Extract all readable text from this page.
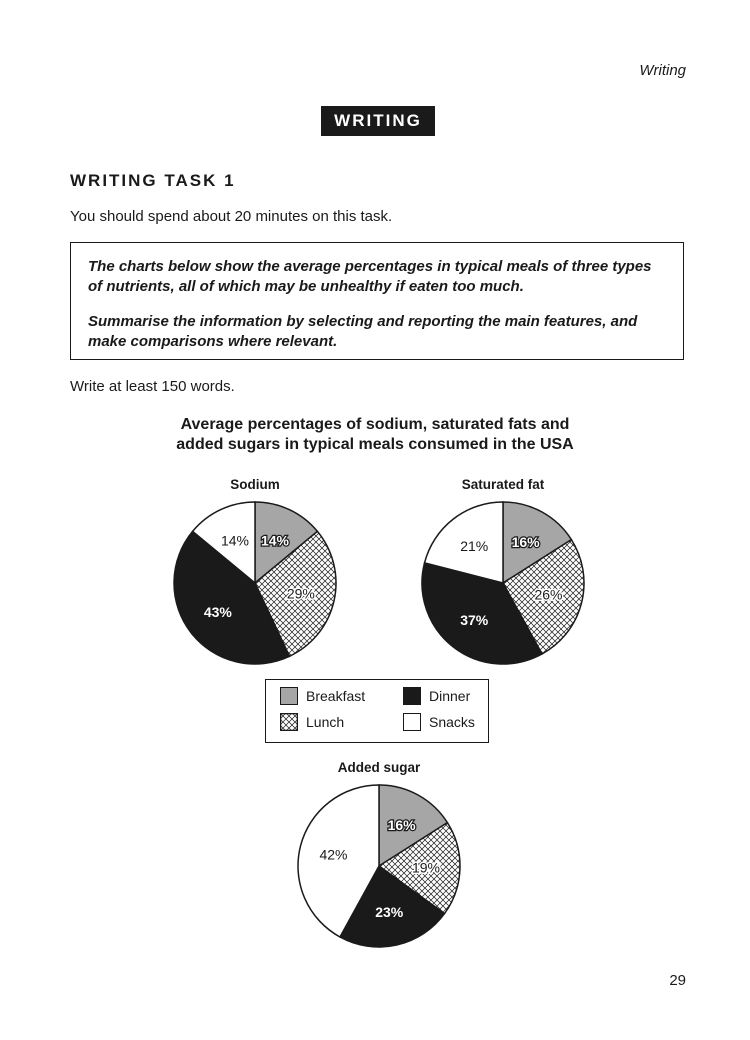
Writing
WRITING
WRITING TASK 1
You should spend about 20 minutes on this task.

The charts below show the average percentages in typical meals of three types of nutrients, all of which may be unhealthy if eaten too much.

Summarise the information by selecting and reporting the main features, and make comparisons where relevant.

Write at least 150 words.
Average percentages of sodium, saturated fats and
added sugars in typical meals consumed in the USA
Sodium	Saturated fat
Added sugar
14%
29%
43%
14%	16%
26%
37%
21%
16%
19%
23%
42%
Breakfast	Dinner
Lunch	Snacks
29
